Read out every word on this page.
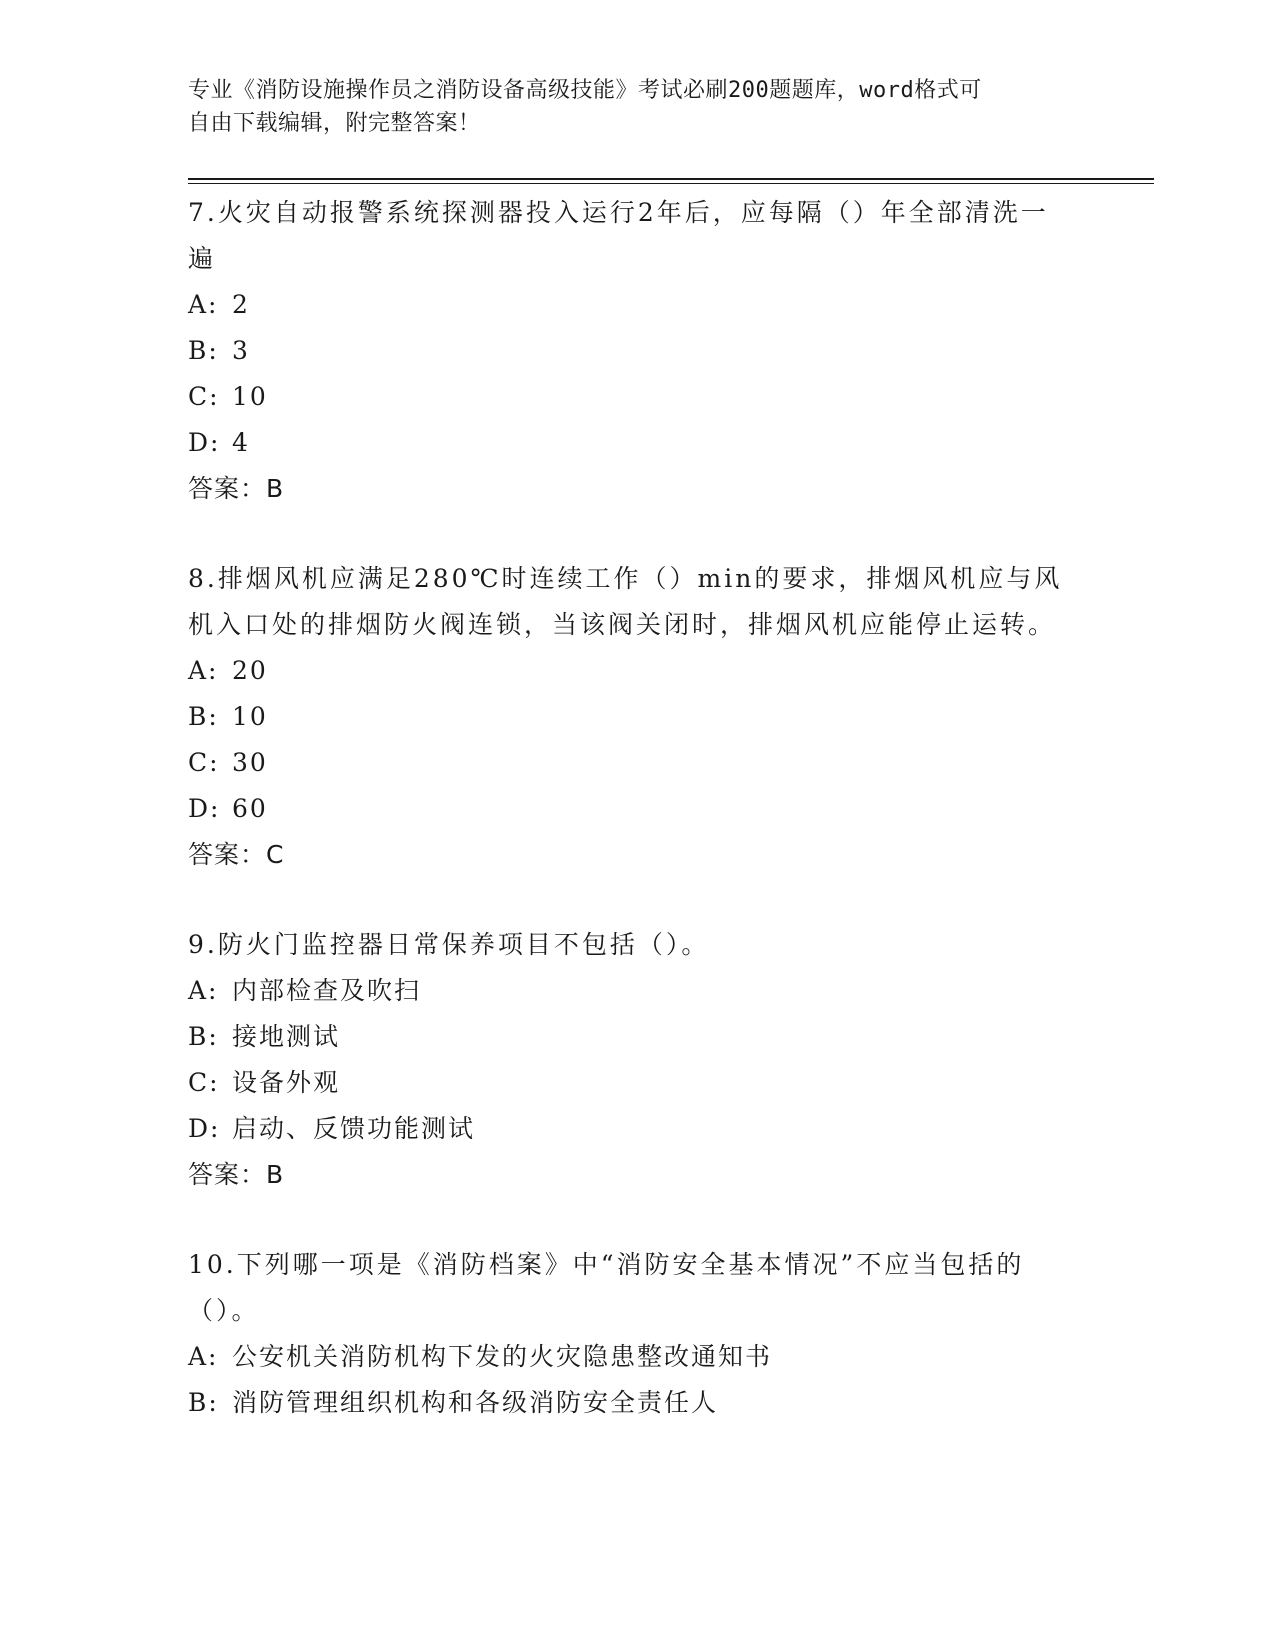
专业《消防设施操作员之消防设备高级技能》考试必刷200题题库，word格式可
自由下载编辑，附完整答案！
7.火灾自动报警系统探测器投入运行2年后，应每隔（）年全部清洗一遍
A: 2
B: 3
C: 10
D: 4
答案：B
8.排烟风机应满足280℃时连续工作（）min的要求，排烟风机应与风机入口处的排烟防火阀连锁，当该阀关闭时，排烟风机应能停止运转。
A: 20
B: 10
C: 30
D: 60
答案：C
9.防火门监控器日常保养项目不包括（）。
A: 内部检查及吹扫
B: 接地测试
C: 设备外观
D: 启动、反馈功能测试
答案：B
10.下列哪一项是《消防档案》中“消防安全基本情况”不应当包括的（）。
A: 公安机关消防机构下发的火灾隐患整改通知书
B: 消防管理组织机构和各级消防安全责任人
